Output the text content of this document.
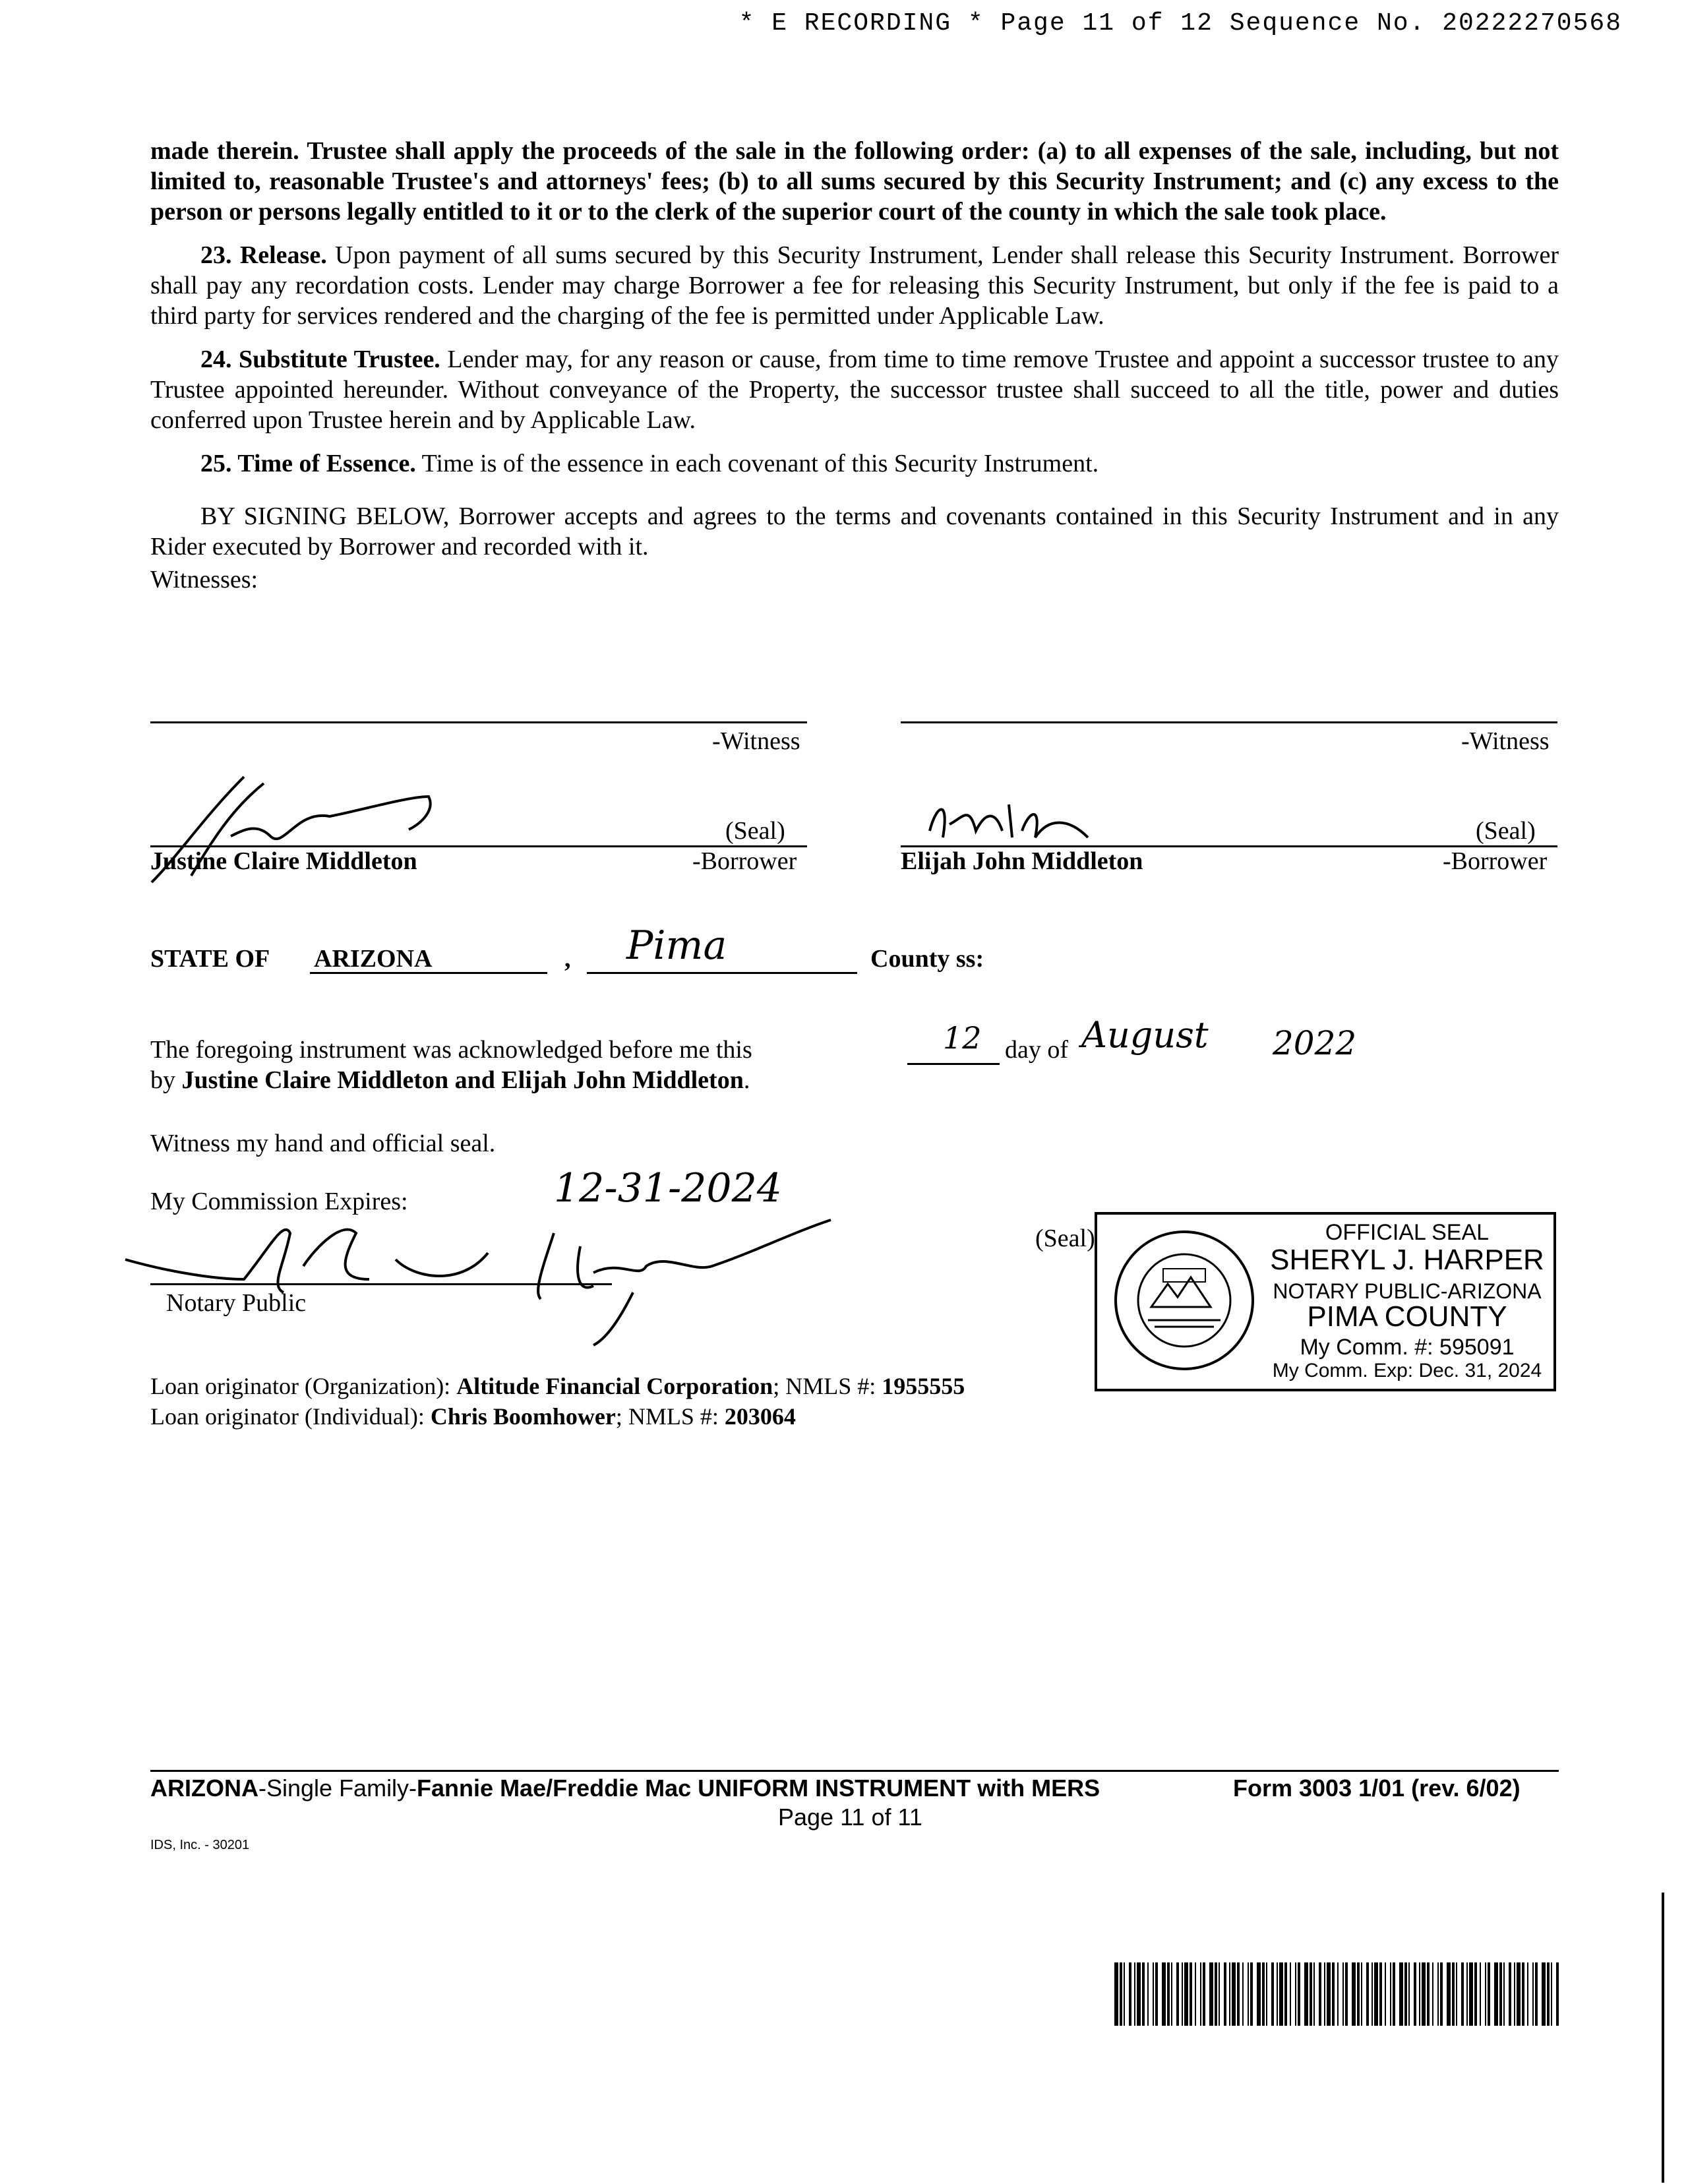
* E RECORDING * Page 11 of 12 Sequence No. 20222270568

made therein. Trustee shall apply the proceeds of the sale in the following order: (a) to all expenses of the sale, including, but not limited to, reasonable Trustee's and attorneys' fees; (b) to all sums secured by this Security Instrument; and (c) any excess to the person or persons legally entitled to it or to the clerk of the superior court of the county in which the sale took place.

23. Release. Upon payment of all sums secured by this Security Instrument, Lender shall release this Security Instrument. Borrower shall pay any recordation costs. Lender may charge Borrower a fee for releasing this Security Instrument, but only if the fee is paid to a third party for services rendered and the charging of the fee is permitted under Applicable Law.

24. Substitute Trustee. Lender may, for any reason or cause, from time to time remove Trustee and appoint a successor trustee to any Trustee appointed hereunder. Without conveyance of the Property, the successor trustee shall succeed to all the title, power and duties conferred upon Trustee herein and by Applicable Law.

25. Time of Essence. Time is of the essence in each covenant of this Security Instrument.

BY SIGNING BELOW, Borrower accepts and agrees to the terms and covenants contained in this Security Instrument and in any Rider executed by Borrower and recorded with it.

Witnesses:

-Witness	-Witness
(Seal)
Justine Claire Middleton	-Borrower
(Seal)
Elijah John Middleton	-Borrower
STATE OF ARIZONA	, Pima	County ss:
The foregoing instrument was acknowledged before me this
by Justine Claire Middleton and Elijah John Middleton.
12 day of August 2022
Witness my hand and official seal.
My Commission Expires:	12-31-2024
Notary Public
(Seal)	OFFICIAL SEAL
SHERYL J. HARPER
NOTARY PUBLIC-ARIZONA
PIMA COUNTY
My Comm. #: 595091
My Comm. Exp: Dec. 31, 2024
Loan originator (Organization): Altitude Financial Corporation; NMLS #: 1955555
Loan originator (Individual): Chris Boomhower; NMLS #: 203064
ARIZONA-Single Family-Fannie Mae/Freddie Mac UNIFORM INSTRUMENT with MERS	Form 3003 1/01 (rev. 6/02)
Page 11 of 11
IDS, Inc. - 30201
